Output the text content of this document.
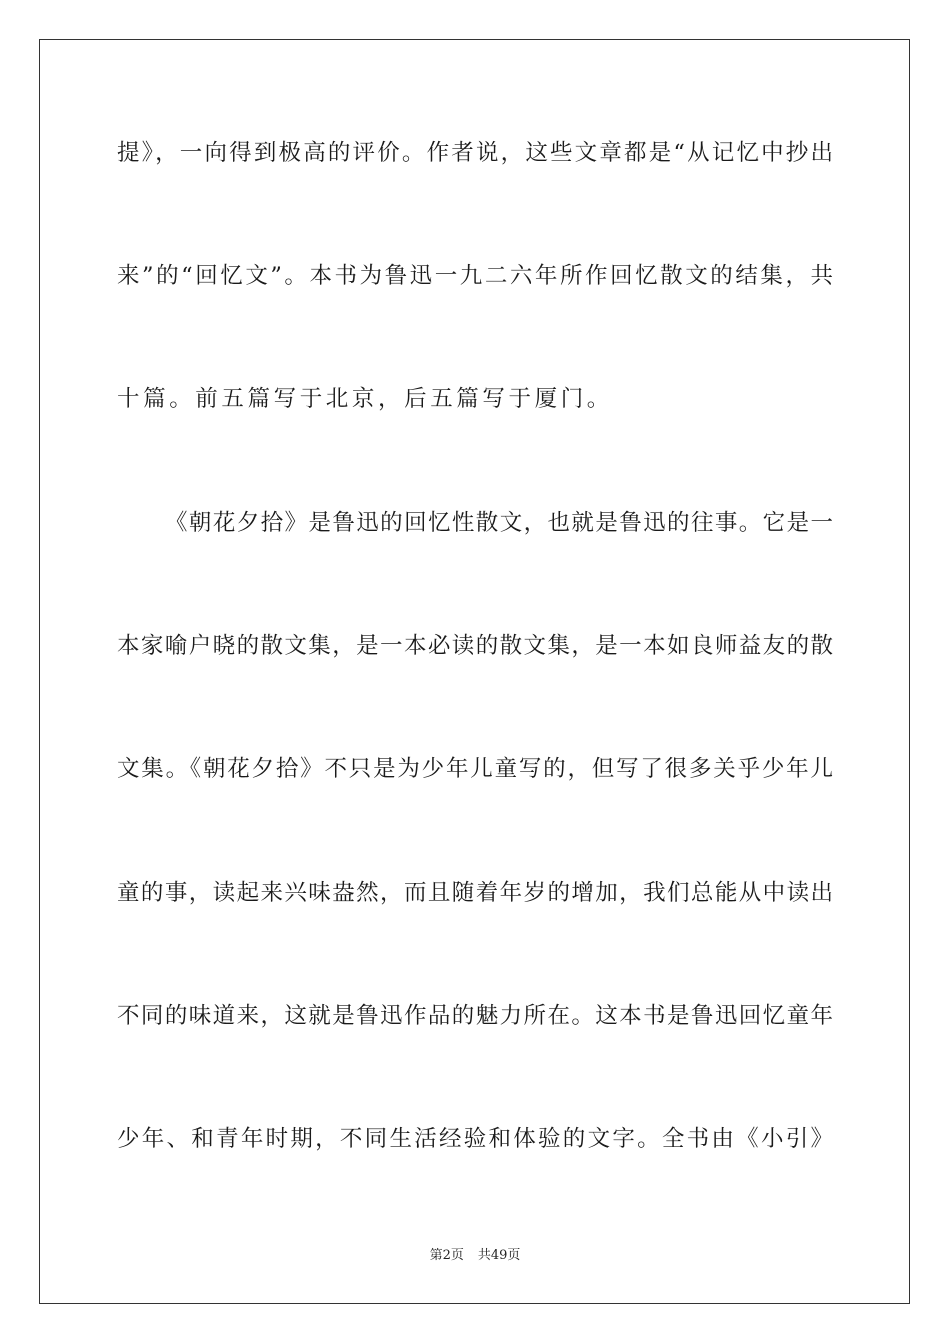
提》，一向得到极高的评价。作者说，这些文章都是“从记忆中抄出
来”的“回忆文”。本书为鲁迅一九二六年所作回忆散文的结集，共
十篇。前五篇写于北京，后五篇写于厦门。
《朝花夕拾》是鲁迅的回忆性散文，也就是鲁迅的往事。它是一
本家喻户晓的散文集，是一本必读的散文集，是一本如良师益友的散
文集。《朝花夕拾》不只是为少年儿童写的，但写了很多关乎少年儿
童的事，读起来兴味盎然，而且随着年岁的增加，我们总能从中读出
不同的味道来，这就是鲁迅作品的魅力所在。这本书是鲁迅回忆童年
少年、和青年时期，不同生活经验和体验的文字。全书由《小引》
第2页 共49页
